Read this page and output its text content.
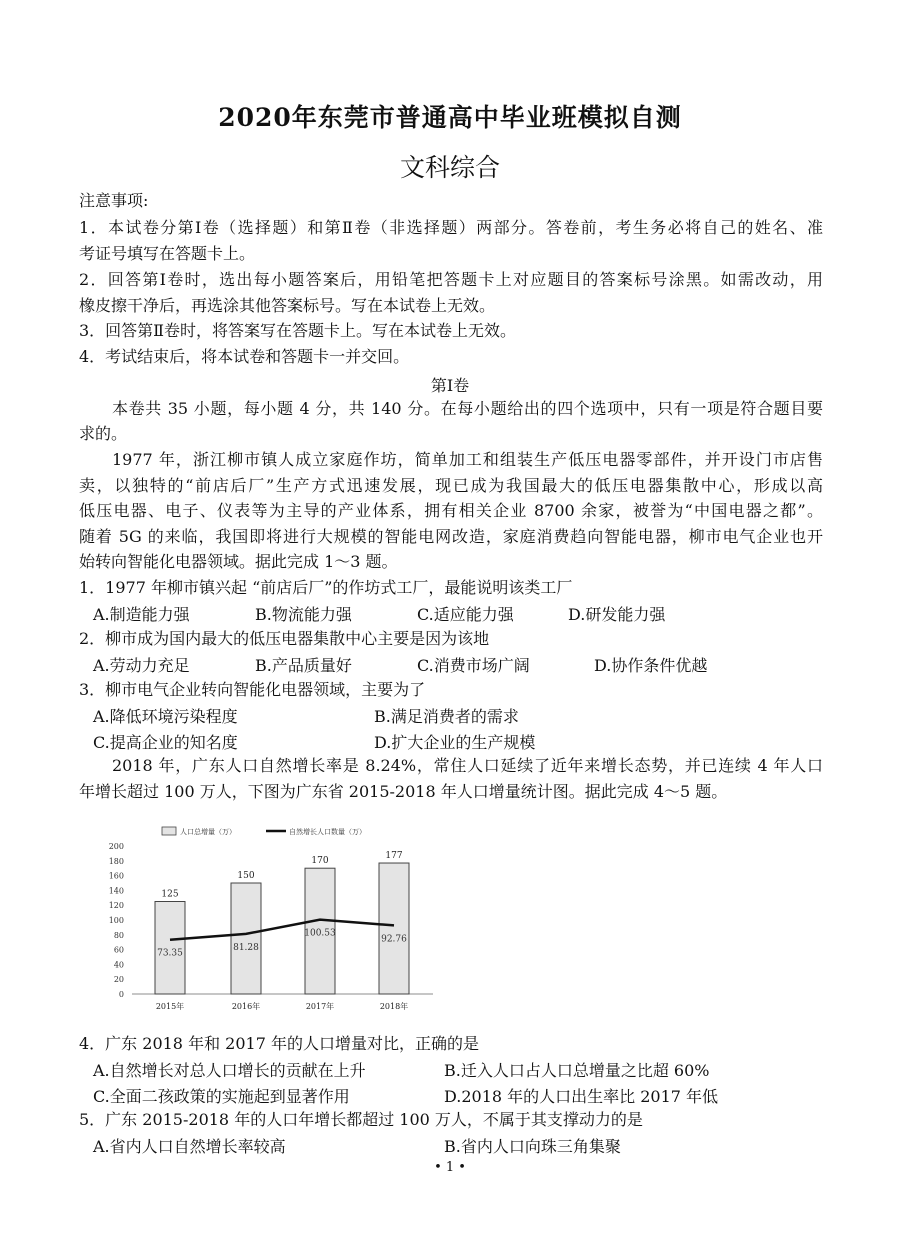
2020年东莞市普通高中毕业班模拟自测
文科综合
注意事项:
1．本试卷分第Ⅰ卷（选择题）和第Ⅱ卷（非选择题）两部分。答卷前，考生务必将自己的姓名、准
考证号填写在答题卡上。
2．回答第Ⅰ卷时，选出每小题答案后，用铅笔把答题卡上对应题目的答案标号涂黑。如需改动，用
橡皮擦干净后，再选涂其他答案标号。写在本试卷上无效。
3．回答第Ⅱ卷时，将答案写在答题卡上。写在本试卷上无效。
4．考试结束后，将本试卷和答题卡一并交回。
第Ⅰ卷
本卷共 35 小题，每小题 4 分，共 140 分。在每小题给出的四个选项中，只有一项是符合题目要
求的。
1977 年，浙江柳市镇人成立家庭作坊，简单加工和组装生产低压电器零部件，并开设门市店售
卖，以独特的“前店后厂”生产方式迅速发展，现已成为我国最大的低压电器集散中心，形成以高
低压电器、电子、仪表等为主导的产业体系，拥有相关企业 8700 余家，被誉为“中国电器之都”。
随着 5G 的来临，我国即将进行大规模的智能电网改造，家庭消费趋向智能电器，柳市电气企业也开
始转向智能化电器领域。据此完成 1～3 题。
1．1977 年柳市镇兴起 “前店后厂”的作坊式工厂，最能说明该类工厂
A.制造能力强	B.物流能力强	C.适应能力强	D.研发能力强
2．柳市成为国内最大的低压电器集散中心主要是因为该地
A.劳动力充足	B.产品质量好	C.消费市场广阔	D.协作条件优越
3．柳市电气企业转向智能化电器领域，主要为了
A.降低环境污染程度	B.满足消费者的需求
C.提高企业的知名度	D.扩大企业的生产规模
2018 年，广东人口自然增长率是 8.24%，常住人口延续了近年来增长态势，并已连续 4 年人口
年增长超过 100 万人，下图为广东省 2015-2018 年人口增量统计图。据此完成 4～5 题。
人口总增量（万）	自然增长人口数量（万）
0
20
40
60
80
100
120
140
160
180
200
125
2015年
150
2016年
170
2017年
177
2018年
73.35
81.28
100.53
92.76
4．广东 2018 年和 2017 年的人口增量对比，正确的是
A.自然增长对总人口增长的贡献在上升	B.迁入人口占人口总增量之比超 60%
C.全面二孩政策的实施起到显著作用	D.2018 年的人口出生率比 2017 年低
5．广东 2015-2018 年的人口年增长都超过 100 万人，不属于其支撑动力的是
A.省内人口自然增长率较高	B.省内人口向珠三角集聚
• 1 •
